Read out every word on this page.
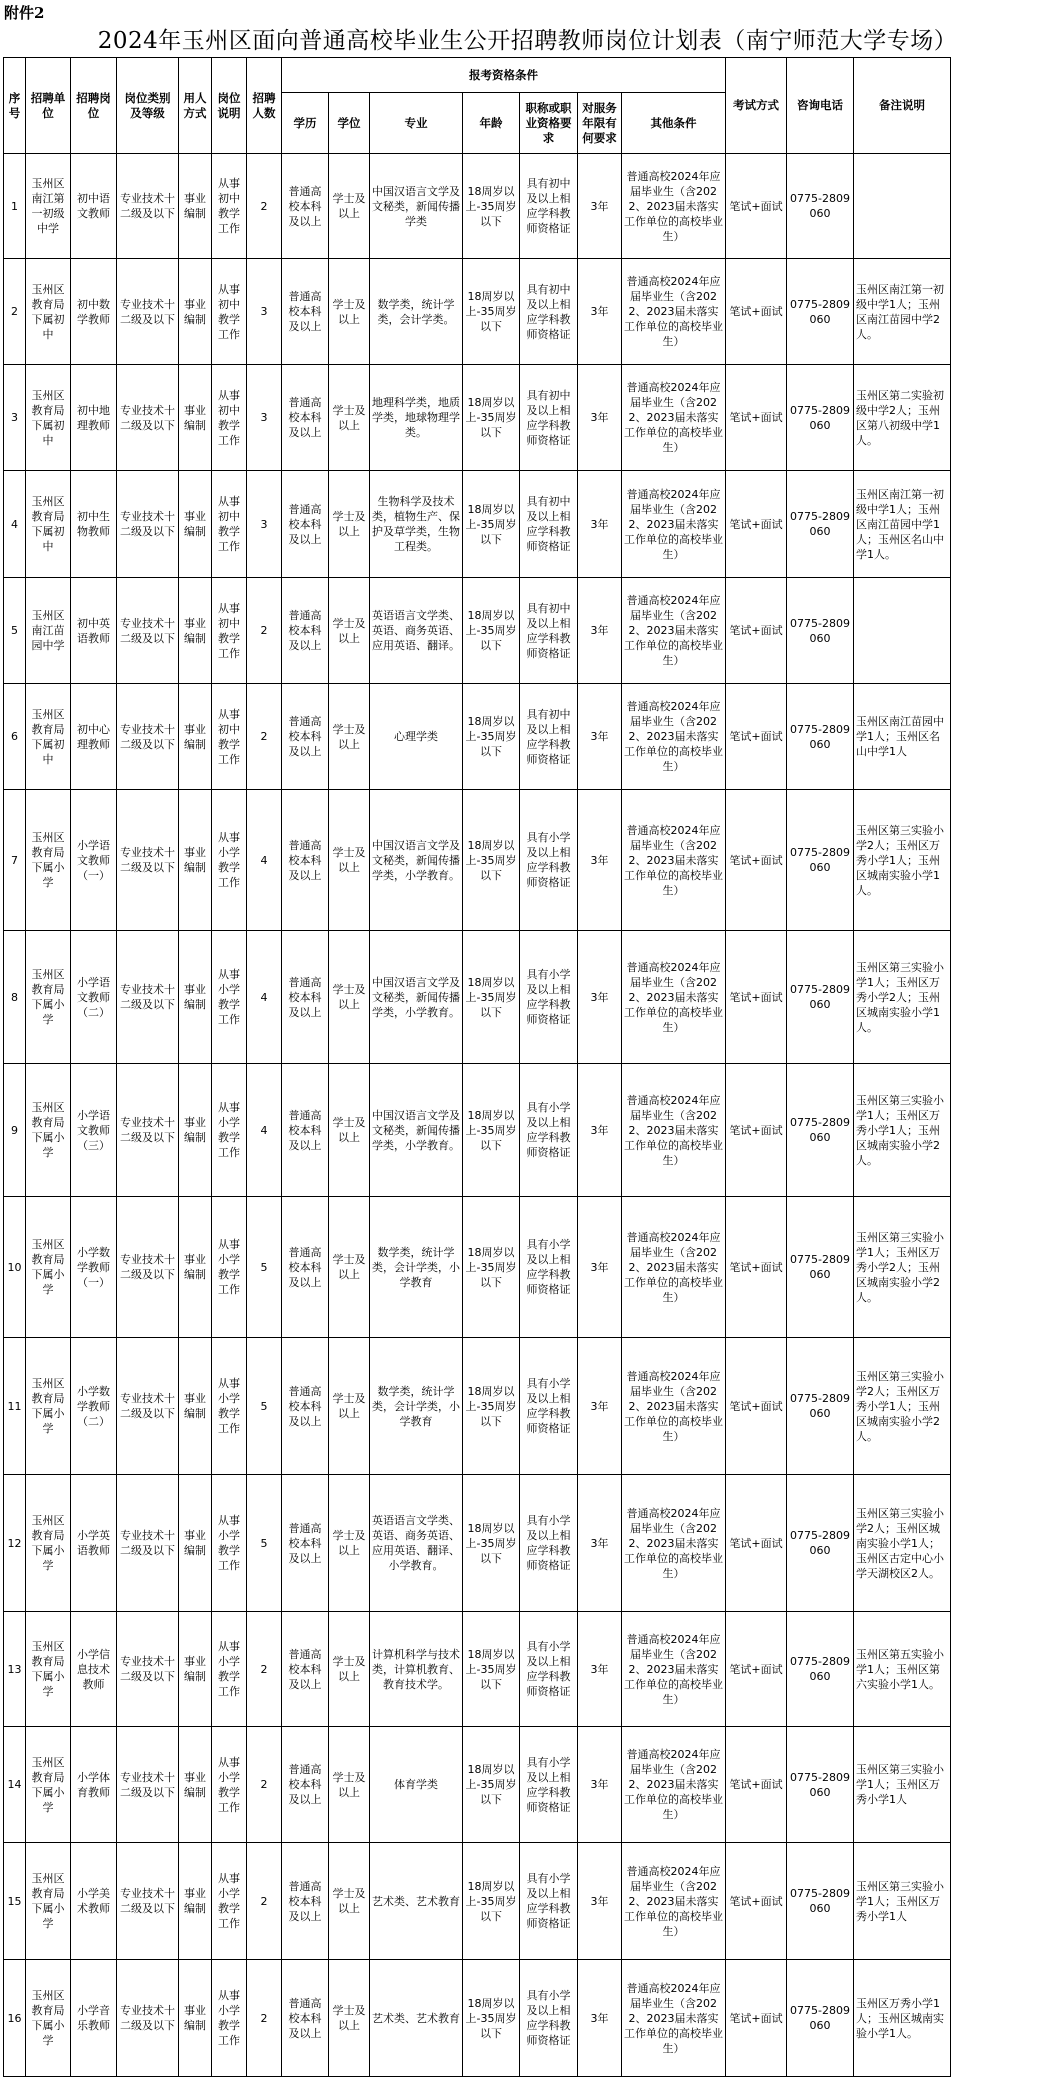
附件2
2024年玉州区面向普通高校毕业生公开招聘教师岗位计划表（南宁师范大学专场）
序号	招聘单位	招聘岗位	岗位类别及等级	用人方式	岗位说明	招聘人数	报考资格条件							考试方式	咨询电话	备注说明
							学历	学位	专业	年龄	职称或职业资格要求	对服务年限有何要求	其他条件			
1	玉州区南江第一初级中学	初中语文教师	专业技术十二级及以下	事业编制	从事初中教学工作	2	普通高校本科及以上	学士及以上	中国汉语言文学及文秘类，新闻传播学类	18周岁以上-35周岁以下	具有初中及以上相应学科教师资格证	3年	普通高校2024年应届毕业生（含2022、2023届未落实工作单位的高校毕业生）	笔试+面试	0775-2809060	
2	玉州区教育局下属初中	初中数学教师	专业技术十二级及以下	事业编制	从事初中教学工作	3	普通高校本科及以上	学士及以上	数学类，统计学类，会计学类。	18周岁以上-35周岁以下	具有初中及以上相应学科教师资格证	3年	普通高校2024年应届毕业生（含2022、2023届未落实工作单位的高校毕业生）	笔试+面试	0775-2809060	玉州区南江第一初级中学1人；玉州区南江苗园中学2人。
3	玉州区教育局下属初中	初中地理教师	专业技术十二级及以下	事业编制	从事初中教学工作	3	普通高校本科及以上	学士及以上	地理科学类，地质学类，地球物理学类。	18周岁以上-35周岁以下	具有初中及以上相应学科教师资格证	3年	普通高校2024年应届毕业生（含2022、2023届未落实工作单位的高校毕业生）	笔试+面试	0775-2809060	玉州区第二实验初级中学2人；玉州区第八初级中学1人。
4	玉州区教育局下属初中	初中生物教师	专业技术十二级及以下	事业编制	从事初中教学工作	3	普通高校本科及以上	学士及以上	生物科学及技术类，植物生产、保护及草学类，生物工程类。	18周岁以上-35周岁以下	具有初中及以上相应学科教师资格证	3年	普通高校2024年应届毕业生（含2022、2023届未落实工作单位的高校毕业生）	笔试+面试	0775-2809060	玉州区南江第一初级中学1人；玉州区南江苗园中学1人；玉州区名山中学1人。
5	玉州区南江苗园中学	初中英语教师	专业技术十二级及以下	事业编制	从事初中教学工作	2	普通高校本科及以上	学士及以上	英语语言文学类、英语、商务英语、应用英语、翻译。	18周岁以上-35周岁以下	具有初中及以上相应学科教师资格证	3年	普通高校2024年应届毕业生（含2022、2023届未落实工作单位的高校毕业生）	笔试+面试	0775-2809060	
6	玉州区教育局下属初中	初中心理教师	专业技术十二级及以下	事业编制	从事初中教学工作	2	普通高校本科及以上	学士及以上	心理学类	18周岁以上-35周岁以下	具有初中及以上相应学科教师资格证	3年	普通高校2024年应届毕业生（含2022、2023届未落实工作单位的高校毕业生）	笔试+面试	0775-2809060	玉州区南江苗园中学1人；玉州区名山中学1人
7	玉州区教育局下属小学	小学语文教师（一）	专业技术十二级及以下	事业编制	从事小学教学工作	4	普通高校本科及以上	学士及以上	中国汉语言文学及文秘类，新闻传播学类，小学教育。	18周岁以上-35周岁以下	具有小学及以上相应学科教师资格证	3年	普通高校2024年应届毕业生（含2022、2023届未落实工作单位的高校毕业生）	笔试+面试	0775-2809060	玉州区第三实验小学2人；玉州区万秀小学1人；玉州区城南实验小学1人。
8	玉州区教育局下属小学	小学语文教师（二）	专业技术十二级及以下	事业编制	从事小学教学工作	4	普通高校本科及以上	学士及以上	中国汉语言文学及文秘类，新闻传播学类，小学教育。	18周岁以上-35周岁以下	具有小学及以上相应学科教师资格证	3年	普通高校2024年应届毕业生（含2022、2023届未落实工作单位的高校毕业生）	笔试+面试	0775-2809060	玉州区第三实验小学1人；玉州区万秀小学2人；玉州区城南实验小学1人。
9	玉州区教育局下属小学	小学语文教师（三）	专业技术十二级及以下	事业编制	从事小学教学工作	4	普通高校本科及以上	学士及以上	中国汉语言文学及文秘类，新闻传播学类，小学教育。	18周岁以上-35周岁以下	具有小学及以上相应学科教师资格证	3年	普通高校2024年应届毕业生（含2022、2023届未落实工作单位的高校毕业生）	笔试+面试	0775-2809060	玉州区第三实验小学1人；玉州区万秀小学1人；玉州区城南实验小学2人。
10	玉州区教育局下属小学	小学数学教师（一）	专业技术十二级及以下	事业编制	从事小学教学工作	5	普通高校本科及以上	学士及以上	数学类，统计学类，会计学类，小学教育	18周岁以上-35周岁以下	具有小学及以上相应学科教师资格证	3年	普通高校2024年应届毕业生（含2022、2023届未落实工作单位的高校毕业生）	笔试+面试	0775-2809060	玉州区第三实验小学1人；玉州区万秀小学2人；玉州区城南实验小学2人。
11	玉州区教育局下属小学	小学数学教师（二）	专业技术十二级及以下	事业编制	从事小学教学工作	5	普通高校本科及以上	学士及以上	数学类，统计学类，会计学类，小学教育	18周岁以上-35周岁以下	具有小学及以上相应学科教师资格证	3年	普通高校2024年应届毕业生（含2022、2023届未落实工作单位的高校毕业生）	笔试+面试	0775-2809060	玉州区第三实验小学2人；玉州区万秀小学1人；玉州区城南实验小学2人。
12	玉州区教育局下属小学	小学英语教师	专业技术十二级及以下	事业编制	从事小学教学工作	5	普通高校本科及以上	学士及以上	英语语言文学类、英语、商务英语、应用英语、翻译、小学教育。	18周岁以上-35周岁以下	具有小学及以上相应学科教师资格证	3年	普通高校2024年应届毕业生（含2022、2023届未落实工作单位的高校毕业生）	笔试+面试	0775-2809060	玉州区第三实验小学2人；玉州区城南实验小学1人；玉州区古定中心小学天湖校区2人。
13	玉州区教育局下属小学	小学信息技术教师	专业技术十二级及以下	事业编制	从事小学教学工作	2	普通高校本科及以上	学士及以上	计算机科学与技术类，计算机教育、教育技术学。	18周岁以上-35周岁以下	具有小学及以上相应学科教师资格证	3年	普通高校2024年应届毕业生（含2022、2023届未落实工作单位的高校毕业生）	笔试+面试	0775-2809060	玉州区第五实验小学1人；玉州区第六实验小学1人。
14	玉州区教育局下属小学	小学体育教师	专业技术十二级及以下	事业编制	从事小学教学工作	2	普通高校本科及以上	学士及以上	体育学类	18周岁以上-35周岁以下	具有小学及以上相应学科教师资格证	3年	普通高校2024年应届毕业生（含2022、2023届未落实工作单位的高校毕业生）	笔试+面试	0775-2809060	玉州区第三实验小学1人；玉州区万秀小学1人
15	玉州区教育局下属小学	小学美术教师	专业技术十二级及以下	事业编制	从事小学教学工作	2	普通高校本科及以上	学士及以上	艺术类、艺术教育	18周岁以上-35周岁以下	具有小学及以上相应学科教师资格证	3年	普通高校2024年应届毕业生（含2022、2023届未落实工作单位的高校毕业生）	笔试+面试	0775-2809060	玉州区第三实验小学1人；玉州区万秀小学1人
16	玉州区教育局下属小学	小学音乐教师	专业技术十二级及以下	事业编制	从事小学教学工作	2	普通高校本科及以上	学士及以上	艺术类、艺术教育	18周岁以上-35周岁以下	具有小学及以上相应学科教师资格证	3年	普通高校2024年应届毕业生（含2022、2023届未落实工作单位的高校毕业生）	笔试+面试	0775-2809060	玉州区万秀小学1人；玉州区城南实验小学1人。
